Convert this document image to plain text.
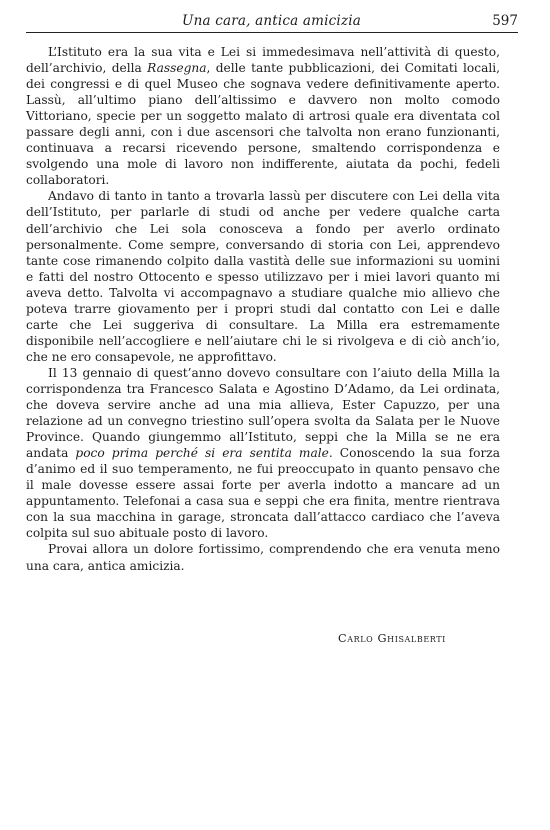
Una cara, antica amicizia	597

L’Istituto era la sua vita e Lei si immedesimava nell’attività di questo, dell’archivio, della Rassegna, delle tante pubblicazioni, dei Comitati locali, dei congressi e di quel Museo che sognava vedere definitivamente aperto. Lassù, all’ultimo piano dell’altissimo e davvero non molto comodo Vittoriano, specie per un soggetto malato di artrosi quale era diventata col passare degli anni, con i due ascensori che talvolta non erano funzionanti, continuava a recarsi ricevendo persone, smaltendo corrispondenza e svolgendo una mole di lavoro non indifferente, aiutata da pochi, fedeli collaboratori.

Andavo di tanto in tanto a trovarla lassù per discutere con Lei della vita dell’Istituto, per parlarle di studi od anche per vedere qualche carta dell’archivio che Lei sola conosceva a fondo per averlo ordinato personalmente. Come sempre, conversando di storia con Lei, apprendevo tante cose rimanendo colpito dalla vastità delle sue informazioni su uomini e fatti del nostro Ottocento e spesso utilizzavo per i miei lavori quanto mi aveva detto. Talvolta vi accompagnavo a studiare qualche mio allievo che poteva trarre giovamento per i propri studi dal contatto con Lei e dalle carte che Lei suggeriva di consultare. La Milla era estremamente disponibile nell’accogliere e nell’aiutare chi le si rivolgeva e di ciò anch’io, che ne ero consapevole, ne approfittavo.

Il 13 gennaio di quest’anno dovevo consultare con l’aiuto della Milla la corrispondenza tra Francesco Salata e Agostino D’Adamo, da Lei ordinata, che doveva servire anche ad una mia allieva, Ester Capuzzo, per una relazione ad un convegno triestino sull’opera svolta da Salata per le Nuove Province. Quando giungemmo all’Istituto, seppi che la Milla se ne era andata poco prima perché si era sentita male. Conoscendo la sua forza d’animo ed il suo temperamento, ne fui preoccupato in quanto pensavo che il male dovesse essere assai forte per averla indotto a mancare ad un appuntamento. Telefonai a casa sua e seppi che era finita, mentre rientrava con la sua macchina in garage, stroncata dall’attacco cardiaco che l’aveva colpita sul suo abituale posto di lavoro.

Provai allora un dolore fortissimo, comprendendo che era venuta meno una cara, antica amicizia.

Carlo Ghisalberti
